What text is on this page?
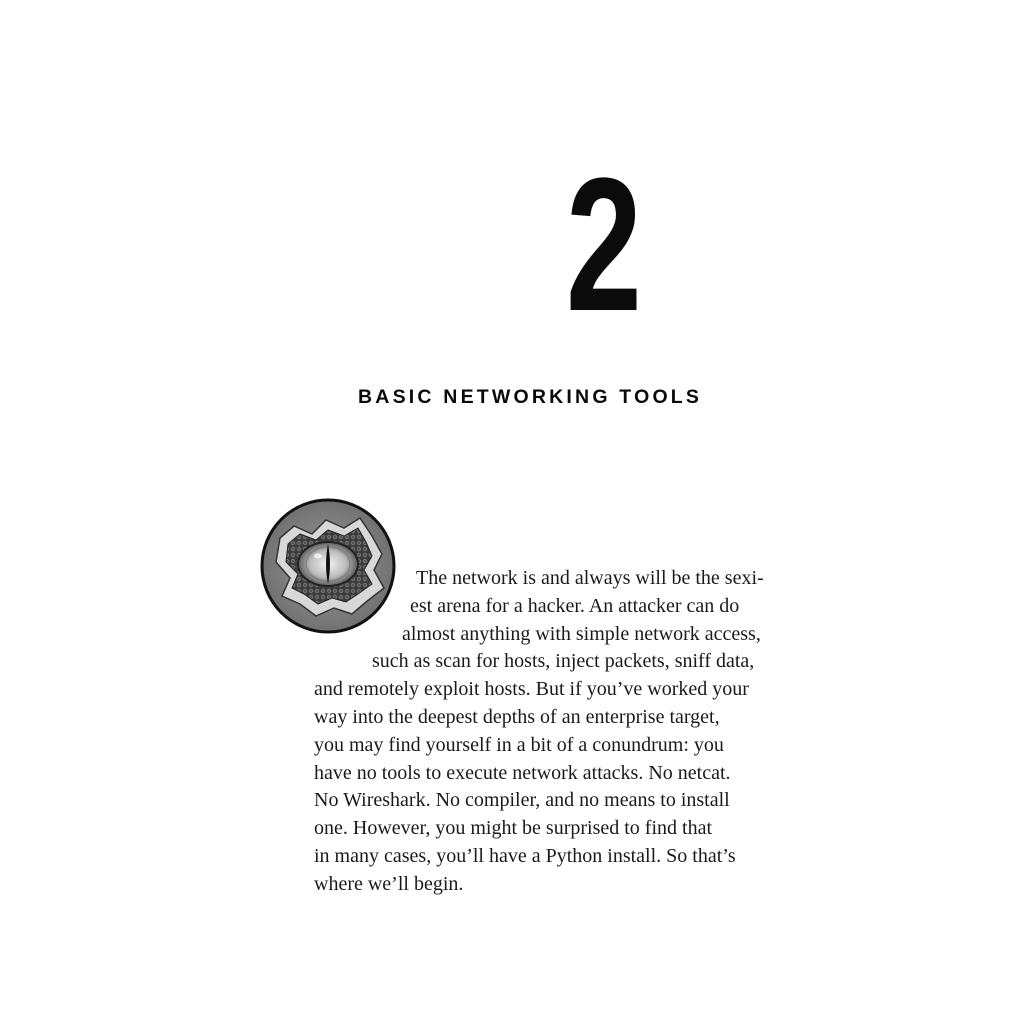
2
BASIC NETWORKING TOOLS
The network is and always will be the sexi-
est arena for a hacker. An attacker can do
almost anything with simple network access,
such as scan for hosts, inject packets, sniff data,
and remotely exploit hosts. But if you’ve worked your
way into the deepest depths of an enterprise target,
you may find yourself in a bit of a conundrum: you
have no tools to execute network attacks. No netcat.
No Wireshark. No compiler, and no means to install
one. However, you might be surprised to find that
in many cases, you’ll have a Python install. So that’s
where we’ll begin.
